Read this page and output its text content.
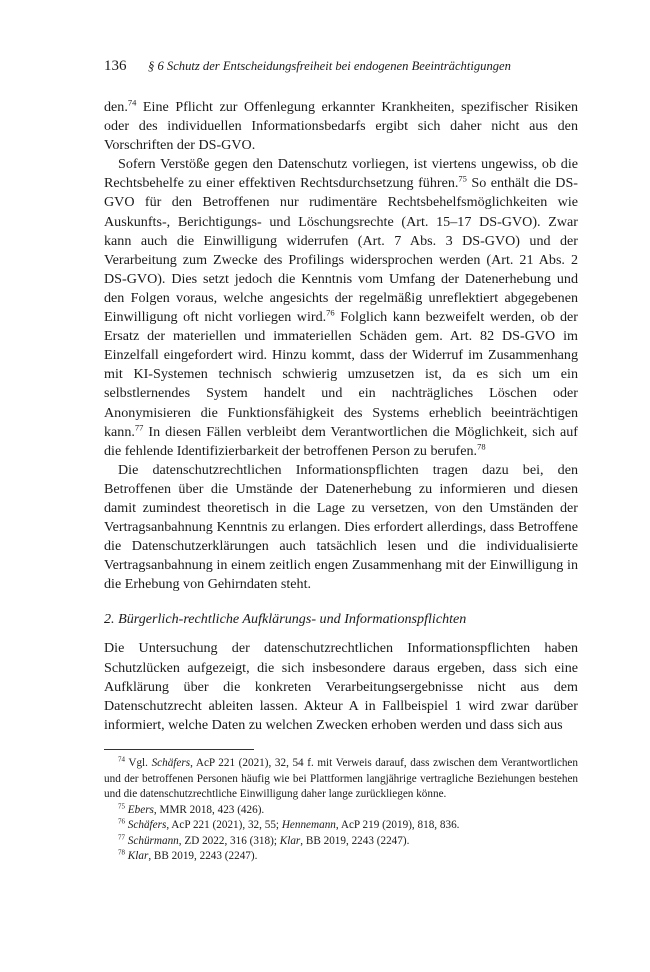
136	§ 6 Schutz der Entscheidungsfreiheit bei endogenen Beeinträchtigungen

den.$^{74}$ Eine Pflicht zur Offenlegung erkannter Krankheiten, spezifischer Risiken oder des individuellen Informationsbedarfs ergibt sich daher nicht aus den Vorschriften der DS-GVO.

Sofern Verstöße gegen den Datenschutz vorliegen, ist viertens ungewiss, ob die Rechtsbehelfe zu einer effektiven Rechtsdurchsetzung führen.$^{75}$ So enthält die DS-GVO für den Betroffenen nur rudimentäre Rechtsbehelfsmöglichkeiten wie Auskunfts-, Berichtigungs- und Löschungsrechte (Art. 15–17 DS-GVO). Zwar kann auch die Einwilligung widerrufen (Art. 7 Abs. 3 DS-GVO) und der Verarbeitung zum Zwecke des Profilings widersprochen werden (Art. 21 Abs. 2 DS-GVO). Dies setzt jedoch die Kenntnis vom Umfang der Datenerhebung und den Folgen voraus, welche angesichts der regelmäßig unreflektiert abgegebenen Einwilligung oft nicht vorliegen wird.$^{76}$ Folglich kann bezweifelt werden, ob der Ersatz der materiellen und immateriellen Schäden gem. Art. 82 DS-GVO im Einzelfall eingefordert wird. Hinzu kommt, dass der Widerruf im Zusammenhang mit KI-Systemen technisch schwierig umzusetzen ist, da es sich um ein selbstlernendes System handelt und ein nachträgliches Löschen oder Anonymisieren die Funktionsfähigkeit des Systems erheblich beeinträchtigen kann.$^{77}$ In diesen Fällen verbleibt dem Verantwortlichen die Möglichkeit, sich auf die fehlende Identifizierbarkeit der betroffenen Person zu berufen.$^{78}$

Die datenschutzrechtlichen Informationspflichten tragen dazu bei, den Betroffenen über die Umstände der Datenerhebung zu informieren und diesen damit zumindest theoretisch in die Lage zu versetzen, von den Umständen der Vertragsanbahnung Kenntnis zu erlangen. Dies erfordert allerdings, dass Betroffene die Datenschutzerklärungen auch tatsächlich lesen und die individualisierte Vertragsanbahnung in einem zeitlich engen Zusammenhang mit der Einwilligung in die Erhebung von Gehirndaten steht.

2. Bürgerlich-rechtliche Aufklärungs- und Informationspflichten

Die Untersuchung der datenschutzrechtlichen Informationspflichten haben Schutzlücken aufgezeigt, die sich insbesondere daraus ergeben, dass sich eine Aufklärung über die konkreten Verarbeitungsergebnisse nicht aus dem Datenschutzrecht ableiten lassen. Akteur A in Fallbeispiel 1 wird zwar darüber informiert, welche Daten zu welchen Zwecken erhoben werden und dass sich aus

$^{74}$ Vgl. Schäfers, AcP 221 (2021), 32, 54 f. mit Verweis darauf, dass zwischen dem Verantwortlichen und der betroffenen Personen häufig wie bei Plattformen langjährige vertragliche Beziehungen bestehen und die datenschutzrechtliche Einwilligung daher lange zurückliegen könne.

$^{75}$ Ebers, MMR 2018, 423 (426).

$^{76}$ Schäfers, AcP 221 (2021), 32, 55; Hennemann, AcP 219 (2019), 818, 836.

$^{77}$ Schürmann, ZD 2022, 316 (318); Klar, BB 2019, 2243 (2247).

$^{78}$ Klar, BB 2019, 2243 (2247).
